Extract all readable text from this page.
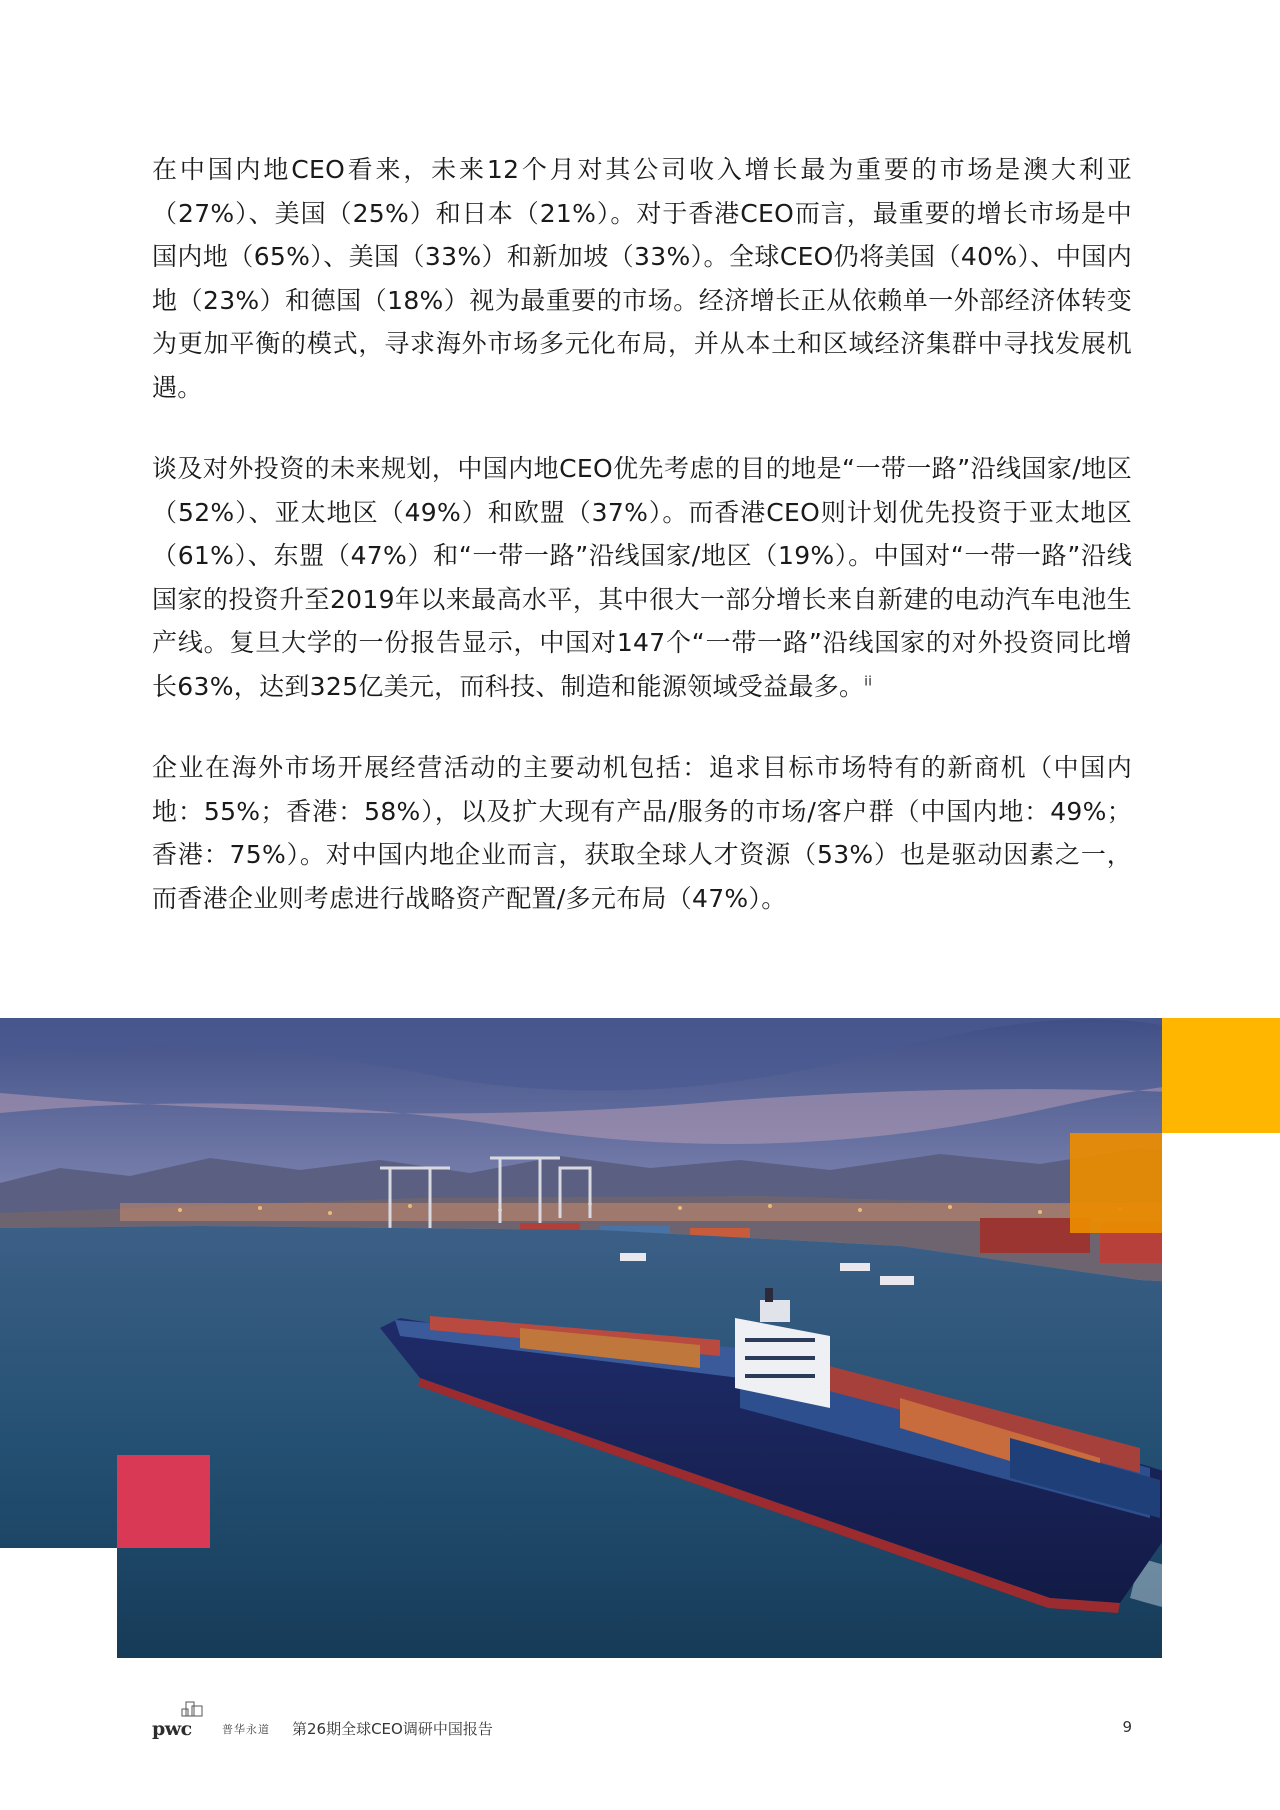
在中国内地CEO看来，未来12个月对其公司收入增长最为重要的市场是澳大利亚（27%）、美国（25%）和日本（21%）。对于香港CEO而言，最重要的增长市场是中国内地（65%）、美国（33%）和新加坡（33%）。全球CEO仍将美国（40%）、中国内地（23%）和德国（18%）视为最重要的市场。经济增长正从依赖单一外部经济体转变为更加平衡的模式，寻求海外市场多元化布局，并从本土和区域经济集群中寻找发展机遇。

谈及对外投资的未来规划，中国内地CEO优先考虑的目的地是“一带一路”沿线国家/地区（52%）、亚太地区（49%）和欧盟（37%）。而香港CEO则计划优先投资于亚太地区（61%）、东盟（47%）和“一带一路”沿线国家/地区（19%）。中国对“一带一路”沿线国家的投资升至2019年以来最高水平，其中很大一部分增长来自新建的电动汽车电池生产线。复旦大学的一份报告显示，中国对147个“一带一路”沿线国家的对外投资同比增长63%，达到325亿美元，而科技、制造和能源领域受益最多。$^{ii}$

企业在海外市场开展经营活动的主要动机包括：追求目标市场特有的新商机（中国内地：55%；香港：58%），以及扩大现有产品/服务的市场/客户群（中国内地：49%；香港：75%）。对中国内地企业而言，获取全球人才资源（53%）也是驱动因素之一，而香港企业则考虑进行战略资产配置/多元布局（47%）。

pwc	普华永道 第26期全球CEO调研中国报告	9
